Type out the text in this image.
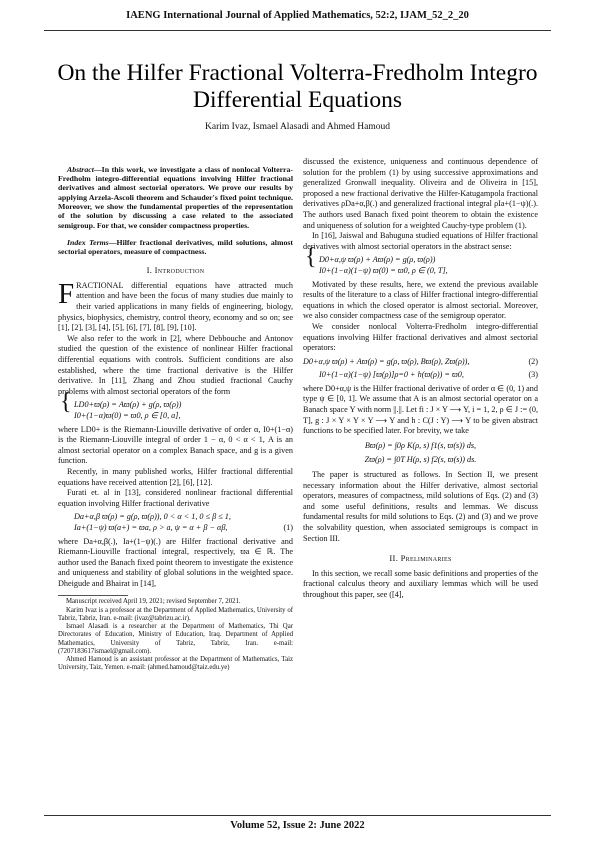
IAENG International Journal of Applied Mathematics, 52:2, IJAM_52_2_20
On the Hilfer Fractional Volterra-Fredholm Integro Differential Equations
Karim Ivaz, Ismael Alasadi and Ahmed Hamoud

Abstract—In this work, we investigate a class of nonlocal Volterra-Fredholm integro-differential equations involving Hilfer fractional derivatives and almost sectorial operators. We prove our results by applying Arzela-Ascoli theorem and Schauder's fixed point technique. Moreover, we show the fundamental properties of the representation of the solution by discussing a case related to the associated semigroup. For that, we consider compactness properties.

Index Terms—Hilfer fractional derivatives, mild solutions, almost sectorial operators, measure of compactness.

I. Introduction

FRACTIONAL differential equations have attracted much attention and have been the focus of many studies due mainly to their varied applications in many fields of engineering, biology, physics, biophysics, chemistry, control theory, economy and so on; see [1], [2], [3], [4], [5], [6], [7], [8], [9], [10].

We also refer to the work in [2], where Debbouche and Antonov studied the question of the existence of nonlinear Hilfer fractional differential equations with controls. Sufficient conditions are also established, where the time fractional derivative is the Hilfer derivative. In [11], Zhang and Zhou studied fractional Cauchy problems with almost sectorial operators of the form

{ LD0+ϖ(ρ) = Aϖ(ρ) + g(ρ, ϖ(ρ))
I0+(1−α)ϖ(0) = ϖ0, ρ ∈ [0, a],

where LD0+ is the Riemann-Liouville derivative of order α, I0+(1−α) is the Riemann-Liouville integral of order 1 − α, 0 < α < 1, A is an almost sectorial operator on a complex Banach space, and g is a given function.

Recently, in many published works, Hilfer fractional differential equations have received attention [2], [6], [12].

Furati et. al in [13], considered nonlinear fractional differential equation involving Hilfer fractional derivative

Da+α,β ϖ(ρ) = g(ρ, ϖ(ρ)), 0 < α < 1, 0 ≤ β ≤ 1,
Ia+(1−ψ) ϖ(a+) = ϖa, ρ > a, ψ = α + β − αβ,	(1)

where Da+α,β(.), Ia+(1−ψ)(.) are Hilfer fractional derivative and Riemann-Liouville fractional integral, respectively, ϖa ∈ ℝ. The author used the Banach fixed point theorem to investigate the existence and uniqueness and stability of global solutions in the weighted space. Dheigude and Bhairat in [14],

Manuscript received April 19, 2021; revised September 7, 2021.

Karim Ivaz is a professor at the Department of Applied Mathematics, University of Tabriz, Tabriz, Iran. e-mail: (ivaz@tabrizu.ac.ir).

Ismael Alasadi is a researcher at the Department of Mathematics, Thi Qar Directorates of Education, Ministry of Education, Iraq. Department of Applied Mathematics, University of Tabriz, Tabriz, Iran. e-mail: (7207183617ismael@gmail.com).

Ahmed Hamoud is an assistant professor at the Department of Mathematics, Taiz University, Taiz, Yemen. e-mail: (ahmed.hamoud@taiz.edu.ye)

discussed the existence, uniqueness and continuous dependence of solution for the problem (1) by using successive approximations and generalized Gronwall inequality. Oliveira and de Oliveira in [15], proposed a new fractional derivative the Hilfer-Katugampola fractional derivatives ρDa+α,β(.) and generalized fractional integral ρIa+(1−ψ)(.). The authors used Banach fixed point theorem to obtain the existence and uniqueness of solution for a weighted Cauchy-type problem (1).

In [16], Jaiswal and Bahuguna studied equations of Hilfer fractional derivatives with almost sectorial operators in the abstract sense:

{ D0+α,ψ ϖ(ρ) + Aϖ(ρ) = g(ρ, ϖ(ρ))
I0+(1−α)(1−ψ) ϖ(0) = ϖ0, ρ ∈ (0, T],

Motivated by these results, here, we extend the previous available results of the literature to a class of Hilfer fractional integro-differential equations in which the closed operator is almost sectorial. Moreover, we also consider compactness case of the semigroup operator.

We consider nonlocal Volterra-Fredholm integro-differential equations involving Hilfer fractional derivatives and almost sectorial operators:

D0+α,ψ ϖ(ρ) + Aϖ(ρ) = g(ρ, ϖ(ρ), Bϖ(ρ), Zϖ(ρ)),	(2)
I0+(1−α)(1−ψ) [ϖ(ρ)]ρ=0 + h(ϖ(ρ)) = ϖ0,	(3)

where D0+α,ψ is the Hilfer fractional derivative of order α ∈ (0, 1) and type ψ ∈ [0, 1]. We assume that A is an almost sectorial operator on a Banach space Y with norm ||.||. Let fi : J × Y ⟶ Y, i = 1, 2, ρ ∈ J := (0, T], g : J × Y × Y × Y ⟶ Y and h : C(J : Y) ⟶ Y to be given abstract functions to be specified later. For brevity, we take

Bϖ(ρ) = ∫0ρ K(ρ, s) f1(s, ϖ(s)) ds,
Zϖ(ρ) = ∫0T H(ρ, s) f2(s, ϖ(s)) ds.

The paper is structured as follows. In Section II, we present necessary information about the Hilfer derivative, almost sectorial operators, measures of compactness, mild solutions of Eqs. (2) and (3) and some useful definitions, results and lemmas. We discuss fundamental results for mild solutions to Eqs. (2) and (3) and we prove the solvability question, when associated semigroups is compact in Section III.

II. Preliminaries

In this section, we recall some basic definitions and properties of the fractional calculus theory and auxiliary lemmas which will be used throughout this paper, see ([4],

Volume 52, Issue 2: June 2022
